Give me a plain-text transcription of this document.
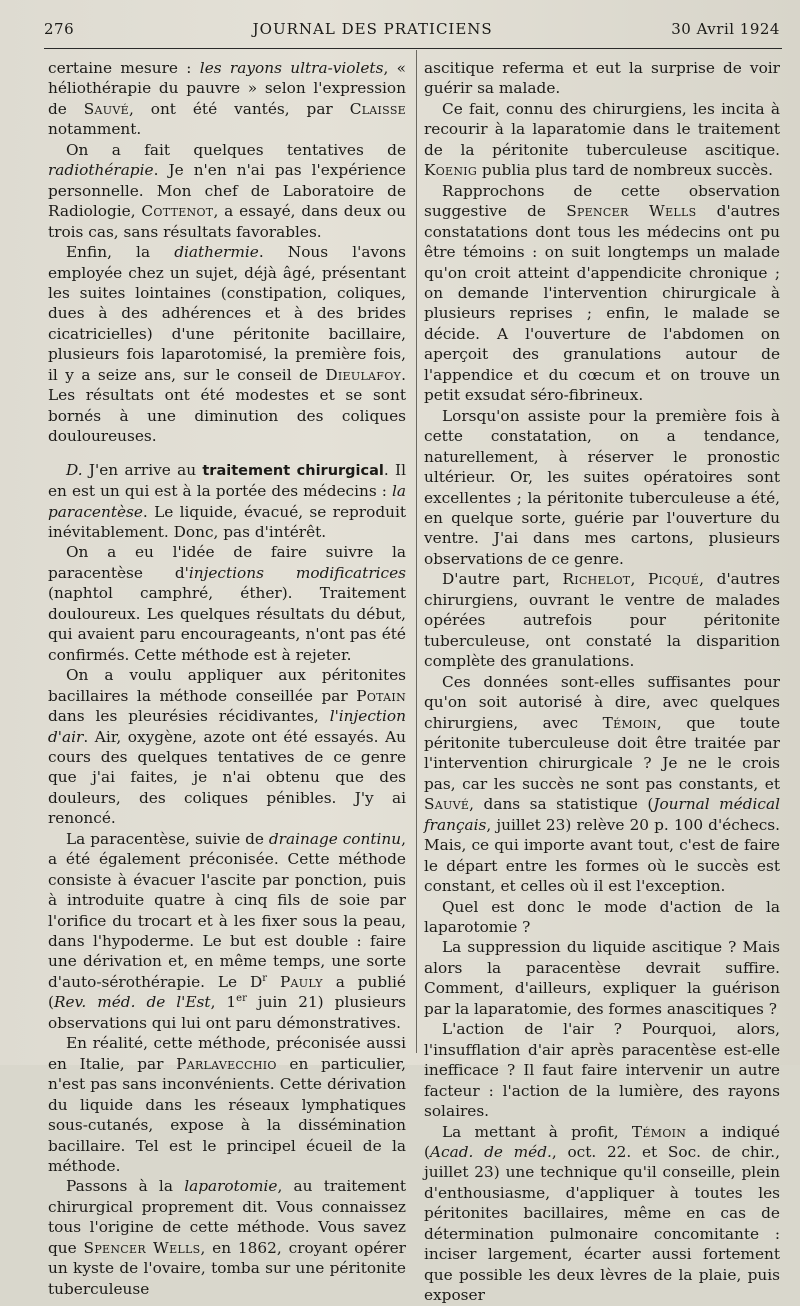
276	JOURNAL DES PRATICIENS	30 Avril 1924

certaine mesure : les rayons ultra-violets, « héliothérapie du pauvre » selon l'expression de Sauvé, ont été vantés, par Claisse notamment.

On a fait quelques tentatives de radiothérapie. Je n'en n'ai pas l'expérience personnelle. Mon chef de Laboratoire de Radiologie, Cottenot, a essayé, dans deux ou trois cas, sans résultats favorables.

Enfin, la diathermie. Nous l'avons employée chez un sujet, déjà âgé, présentant les suites lointaines (constipation, coliques, dues à des adhérences et à des brides cicatricielles) d'une péritonite bacillaire, plusieurs fois laparotomisé, la première fois, il y a seize ans, sur le conseil de Dieulafoy. Les résultats ont été modestes et se sont bornés à une diminution des coliques douloureuses.

D. J'en arrive au traitement chirurgical. Il en est un qui est à la portée des médecins : la paracentèse. Le liquide, évacué, se reproduit inévitablement. Donc, pas d'intérêt.

On a eu l'idée de faire suivre la paracentèse d'injections modificatrices (naphtol camphré, éther). Traitement douloureux. Les quelques résultats du début, qui avaient paru encourageants, n'ont pas été confirmés. Cette méthode est à rejeter.

On a voulu appliquer aux péritonites bacillaires la méthode conseillée par Potain dans les pleurésies récidivantes, l'injection d'air. Air, oxygène, azote ont été essayés. Au cours des quelques tentatives de ce genre que j'ai faites, je n'ai obtenu que des douleurs, des coliques pénibles. J'y ai renoncé.

La paracentèse, suivie de drainage continu, a été également préconisée. Cette méthode consiste à évacuer l'ascite par ponction, puis à introduite quatre à cinq fils de soie par l'orifice du trocart et à les fixer sous la peau, dans l'hypoderme. Le but est double : faire une dérivation et, en même temps, une sorte d'auto-sérothérapie. Le $D^r$ Pauly a publié (Rev. méd. de l'Est, 1er juin 21) plusieurs observations qui lui ont paru démonstratives.

En réalité, cette méthode, préconisée aussi en Italie, par Parlavecchio en particulier, n'est pas sans inconvénients. Cette dérivation du liquide dans les réseaux lymphatiques sous-cutanés, expose à la dissémination bacillaire. Tel est le principel écueil de la méthode.

Passons à la laparotomie, au traitement chirurgical proprement dit. Vous connaissez tous l'origine de cette méthode. Vous savez que Spencer Wells, en 1862, croyant opérer un kyste de l'ovaire, tomba sur une péritonite tuberculeuse

ascitique referma et eut la surprise de voir guérir sa malade.

Ce fait, connu des chirurgiens, les incita à recourir à la laparatomie dans le traitement de la péritonite tuberculeuse ascitique. Koenig publia plus tard de nombreux succès.

Rapprochons de cette observation suggestive de Spencer Wells d'autres constatations dont tous les médecins ont pu être témoins : on suit longtemps un malade qu'on croit atteint d'appendicite chronique ; on demande l'intervention chirurgicale à plusieurs reprises ; enfin, le malade se décide. A l'ouverture de l'abdomen on aperçoit des granulations autour de l'appendice et du cœcum et on trouve un petit exsudat séro-fibrineux.

Lorsqu'on assiste pour la première fois à cette constatation, on a tendance, naturellement, à réserver le pronostic ultérieur. Or, les suites opératoires sont excellentes ; la péritonite tuberculeuse a été, en quelque sorte, guérie par l'ouverture du ventre. J'ai dans mes cartons, plusieurs observations de ce genre.

D'autre part, Richelot, Picqué, d'autres chirurgiens, ouvrant le ventre de malades opérées autrefois pour péritonite tuberculeuse, ont constaté la disparition complète des granulations.

Ces données sont-elles suffisantes pour qu'on soit autorisé à dire, avec quelques chirurgiens, avec Témoin, que toute péritonite tuberculeuse doit être traitée par l'intervention chirurgicale ? Je ne le crois pas, car les succès ne sont pas constants, et Sauvé, dans sa statistique (Journal médical français, juillet 23) relève 20 p. 100 d'échecs. Mais, ce qui importe avant tout, c'est de faire le départ entre les formes où le succès est constant, et celles où il est l'exception.

Quel est donc le mode d'action de la laparotomie ?

La suppression du liquide ascitique ? Mais alors la paracentèse devrait suffire. Comment, d'ailleurs, expliquer la guérison par la laparatomie, des formes anascitiques ?

L'action de l'air ? Pourquoi, alors, l'insufflation d'air après paracentèse est-elle inefficace ? Il faut faire intervenir un autre facteur : l'action de la lumière, des rayons solaires.

La mettant à profit, Témoin a indiqué (Acad. de méd., oct. 22. et Soc. de chir., juillet 23) une technique qu'il conseille, plein d'enthousiasme, d'appliquer à toutes les péritonites bacillaires, même en cas de détermination pulmonaire concomitante : inciser largement, écarter aussi fortement que possible les deux lèvres de la plaie, puis exposer
